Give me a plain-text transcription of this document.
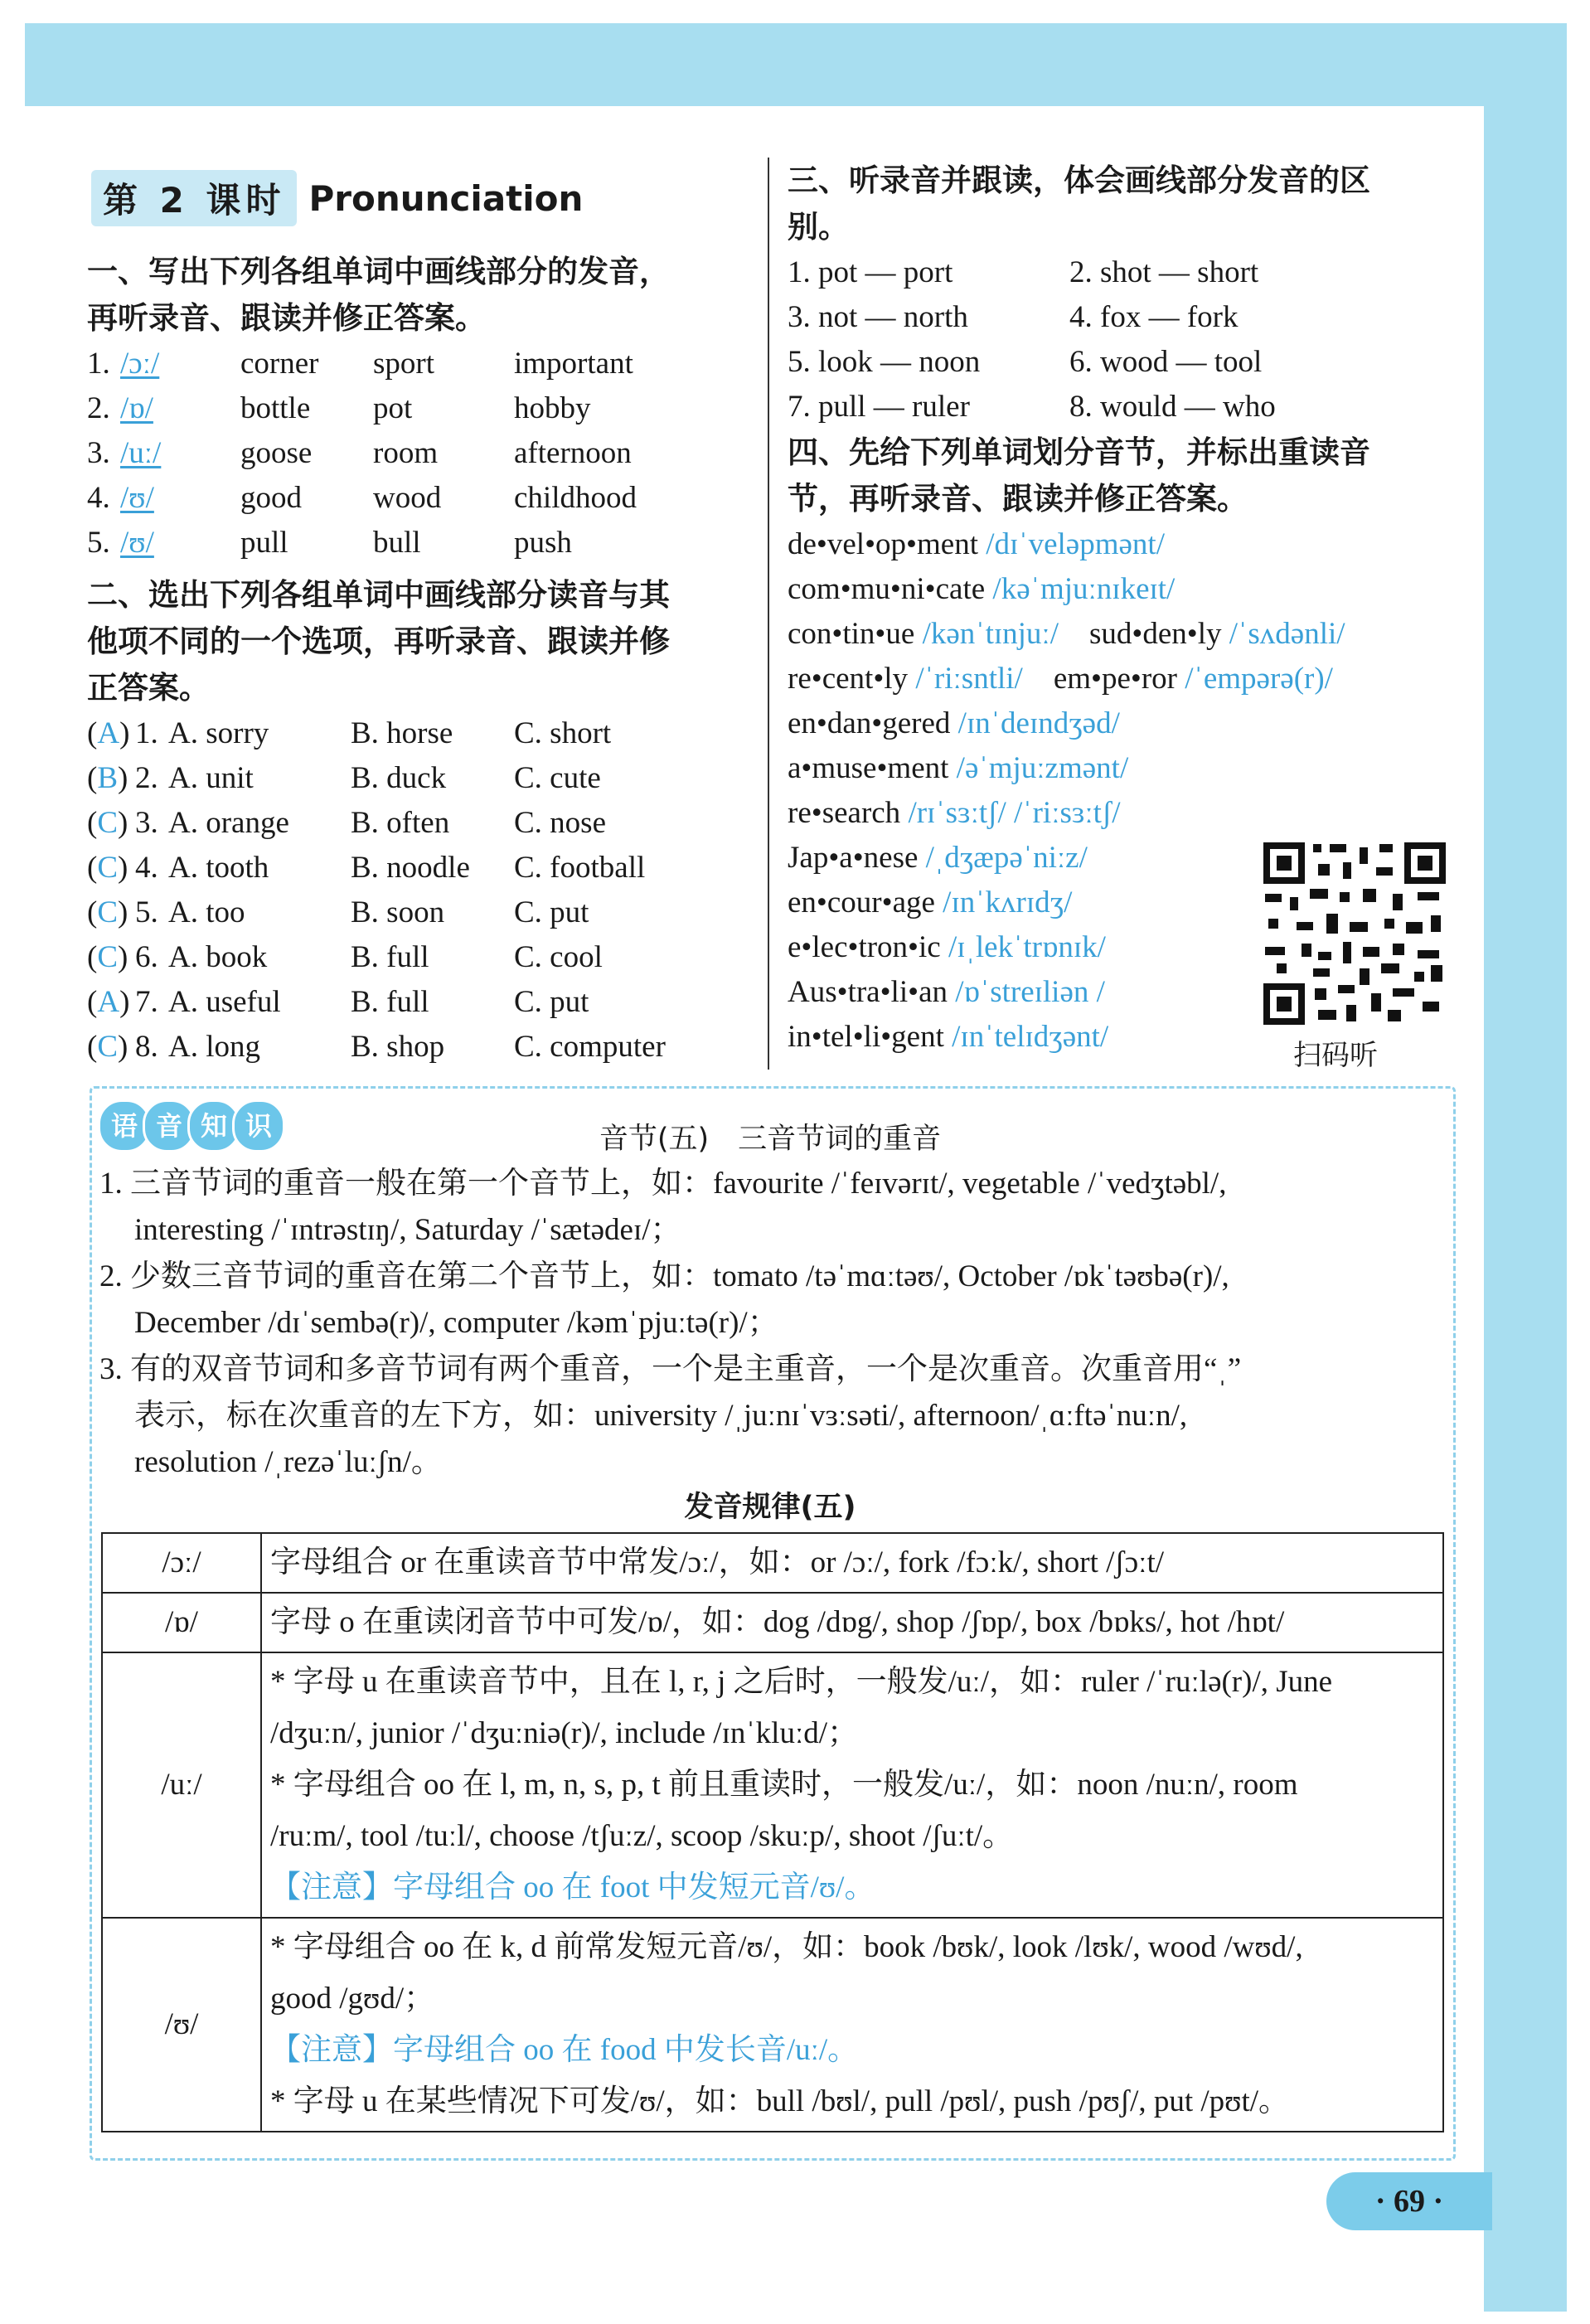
第 2 课时 Pronunciation
一、写出下列各组单词中画线部分的发音，
再听录音、跟读并修正答案。
1. /ɔː/	corner sport	important
2. /ɒ/	bottle pot	hobby
3. /uː/	goose room afternoon
4. /ʊ/	good wood childhood
5. /ʊ/	pull	bull	push
二、选出下列各组单词中画线部分读音与其
他项不同的一个选项，再听录音、跟读并修
正答案。
(A) 1. A. sorry	B. horse C. short
(B) 2. A. unit	B. duck C. cute
(C) 3. A. orange B. often C. nose
(C) 4. A. tooth	B. noodle C. football
(C) 5. A. too	B. soon C. put
(C) 6. A. book	B. full	C. cool
(A) 7. A. useful B. full	C. put
(C) 8. A. long	B. shop C. computer
三、听录音并跟读，体会画线部分发音的区
别。
1. pot — port	2. shot — short
3. not — north	4. fox — fork
5. look — noon	6. wood — tool
7. pull — ruler	8. would — who
四、先给下列单词划分音节，并标出重读音
节，再听录音、跟读并修正答案。
de•vel•op•ment /dɪˈveləpmənt/
com•mu•ni•cate /kəˈmjuːnɪkeɪt/
con•tin•ue /kənˈtɪnjuː/　 sud•den•ly /ˈsʌdənli/
re•cent•ly /ˈriːsntli/　 em•pe•ror /ˈempərə(r)/
en•dan•gered /ɪnˈdeɪndʒəd/
a•muse•ment /əˈmjuːzmənt/
re•search /rɪˈsɜːtʃ/ /ˈriːsɜːtʃ/
Jap•a•nese /ˌdʒæpəˈniːz/
en•cour•age /ɪnˈkʌrɪdʒ/
e•lec•tron•ic /ɪˌlekˈtrɒnɪk/
Aus•tra•li•an /ɒˈstreɪliən /
in•tel•li•gent /ɪnˈtelɪdʒənt/
扫码听
语 音 知 识	音节(五)　三音节词的重音

1. 三音节词的重音一般在第一个音节上，如：favourite /ˈfeɪvərɪt/, vegetable /ˈvedʒtəbl/,

interesting /ˈɪntrəstɪŋ/, Saturday /ˈsætədeɪ/；

2. 少数三音节词的重音在第二个音节上，如：tomato /təˈmɑːtəʊ/, October /ɒkˈtəʊbə(r)/,

December /dɪˈsembə(r)/, computer /kəmˈpjuːtə(r)/；

3. 有的双音节词和多音节词有两个重音，一个是主重音，一个是次重音。次重音用“ˌ”

表示，标在次重音的左下方，如：university /ˌjuːnɪˈvɜːsəti/, afternoon/ˌɑːftəˈnuːn/,

resolution /ˌrezəˈluːʃn/。

发音规律(五)
/ɔː/	字母组合 or 在重读音节中常发/ɔː/，如：or /ɔː/, fork /fɔːk/, short /ʃɔːt/

/ɒ/	字母 o 在重读闭音节中可发/ɒ/，如：dog /dɒg/, shop /ʃɒp/, box /bɒks/, hot /hɒt/

/uː/	* 字母 u 在重读音节中，且在 l, r, j 之后时，一般发/uː/，如：ruler /ˈruːlə(r)/, June
/dʒuːn/, junior /ˈdʒuːniə(r)/, include /ɪnˈkluːd/；
* 字母组合 oo 在 l, m, n, s, p, t 前且重读时，一般发/uː/，如：noon /nuːn/, room
/ruːm/, tool /tuːl/, choose /tʃuːz/, scoop /skuːp/, shoot /ʃuːt/。
【注意】字母组合 oo 在 foot 中发短元音/ʊ/。

/ʊ/	* 字母组合 oo 在 k, d 前常发短元音/ʊ/，如：book /bʊk/, look /lʊk/, wood /wʊd/,
good /gʊd/；
【注意】字母组合 oo 在 food 中发长音/uː/。
* 字母 u 在某些情况下可发/ʊ/，如：bull /bʊl/, pull /pʊl/, push /pʊʃ/, put /pʊt/。
· 69 ·
